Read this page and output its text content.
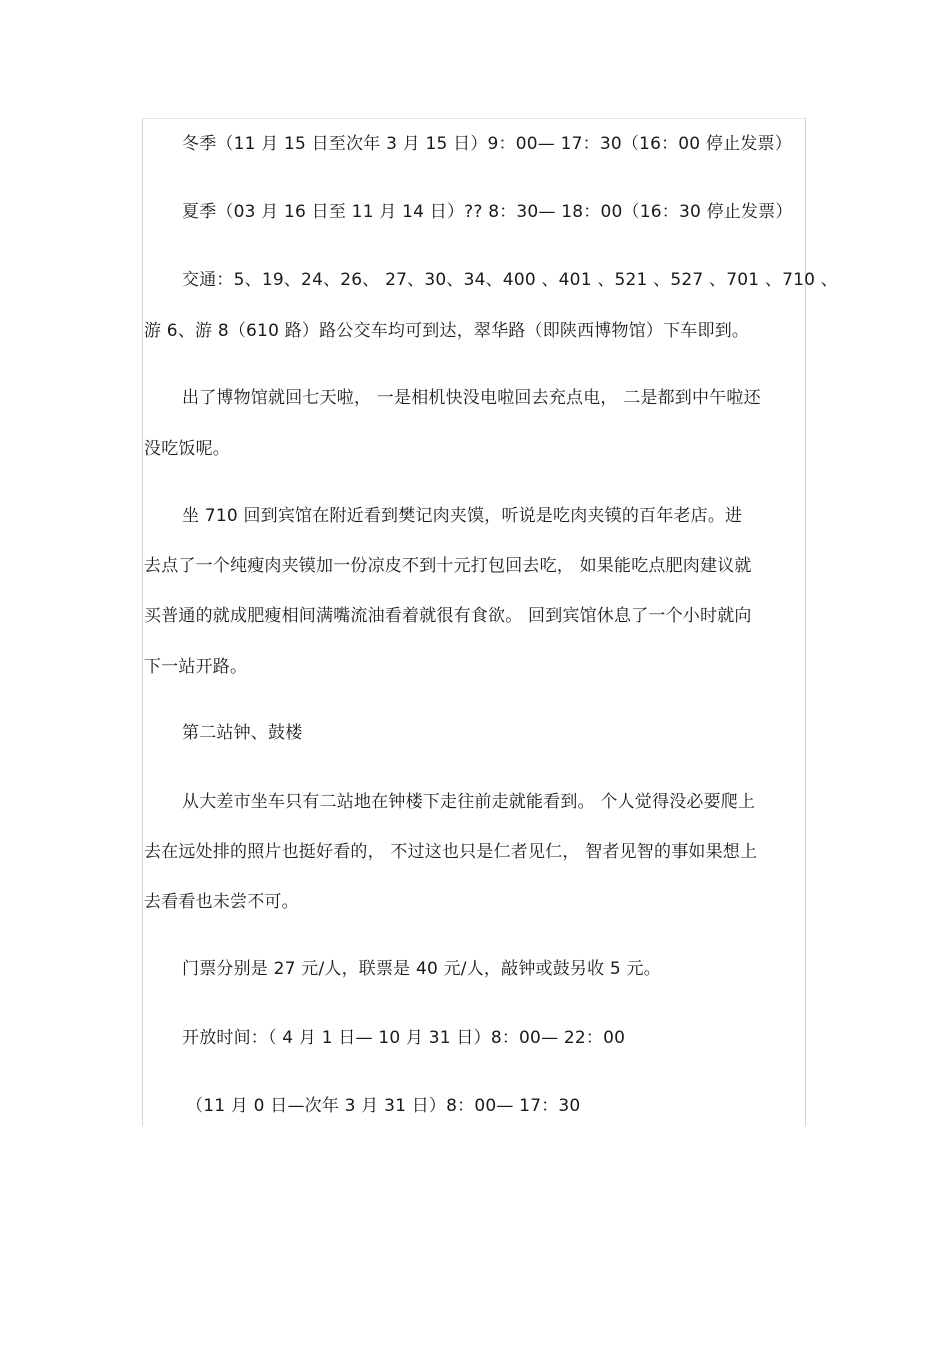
冬季（11 月 15 日至次年 3 月 15 日）9：00— 17：30（16：00 停止发票）
夏季（03 月 16 日至 11 月 14 日）?? 8：30— 18：00（16：30 停止发票）
交通：5、19、24、26、 27、30、34、400 、401 、521 、527 、701 、710 、
游 6、游 8（610 路）路公交车均可到达，翠华路（即陕西博物馆）下车即到。
出了博物馆就回七天啦， 一是相机快没电啦回去充点电， 二是都到中午啦还
没吃饭呢。
坐 710 回到宾馆在附近看到樊记肉夹馍，听说是吃肉夹镆的百年老店。进
去点了一个纯瘦肉夹镆加一份凉皮不到十元打包回去吃， 如果能吃点肥肉建议就
买普通的就成肥瘦相间满嘴流油看着就很有食欲。 回到宾馆休息了一个小时就向
下一站开路。
第二站钟、鼓楼
从大差市坐车只有二站地在钟楼下走往前走就能看到。 个人觉得没必要爬上
去在远处排的照片也挺好看的， 不过这也只是仁者见仁， 智者见智的事如果想上
去看看也未尝不可。
门票分别是 27 元/人，联票是 40 元/人，敲钟或鼓另收 5 元。
开放时间：（ 4 月 1 日— 10 月 31 日）8：00— 22：00
（11 月 0 日—次年 3 月 31 日）8：00— 17：30
